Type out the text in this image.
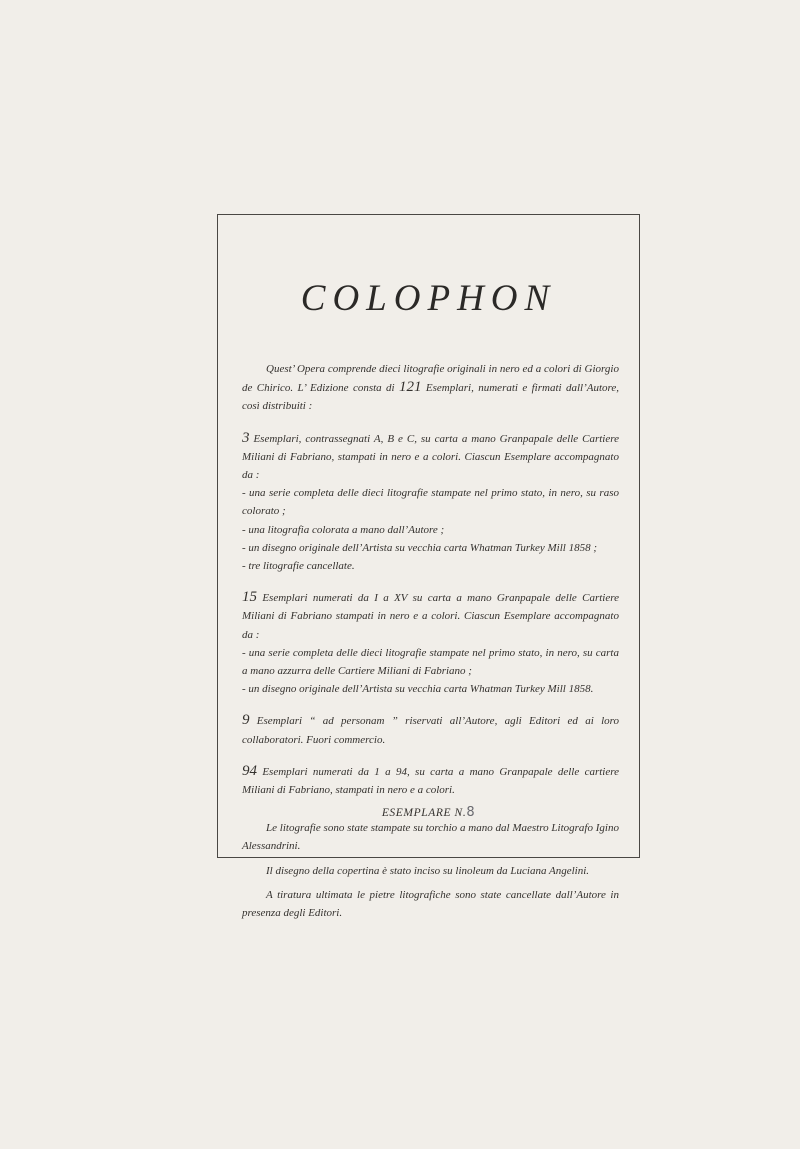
COLOPHON

Quest’ Opera comprende dieci litografie originali in nero ed a colori di Giorgio de Chirico. L’ Edizione consta di 121 Esemplari, numerati e firmati dall’Autore, così distribuiti :

3 Esemplari, contrassegnati A, B e C, su carta a mano Granpapale delle Cartiere Miliani di Fabriano, stampati in nero e a colori. Ciascun Esemplare accompagnato da :

- una serie completa delle dieci litografie stampate nel primo stato, in nero, su raso colorato ;

- una litografia colorata a mano dall’Autore ;

- un disegno originale dell’Artista su vecchia carta Whatman Turkey Mill 1858 ;

- tre litografie cancellate.

15 Esemplari numerati da I a XV su carta a mano Granpapale delle Cartiere Miliani di Fabriano stampati in nero e a colori. Ciascun Esemplare accompagnato da :

- una serie completa delle dieci litografie stampate nel primo stato, in nero, su carta a mano azzurra delle Cartiere Miliani di Fabriano ;

- un disegno originale dell’Artista su vecchia carta Whatman Turkey Mill 1858.

9 Esemplari “ ad personam ” riservati all’Autore, agli Editori ed ai loro collaboratori. Fuori commercio.

94 Esemplari numerati da 1 a 94, su carta a mano Granpapale delle cartiere Miliani di Fabriano, stampati in nero e a colori.

Le litografie sono state stampate su torchio a mano dal Maestro Litografo Igino Alessandrini.

Il disegno della copertina è stato inciso su linoleum da Luciana Angelini.

A tiratura ultimata le pietre litografiche sono state cancellate dall’Autore in presenza degli Editori.

ESEMPLARE N.8
